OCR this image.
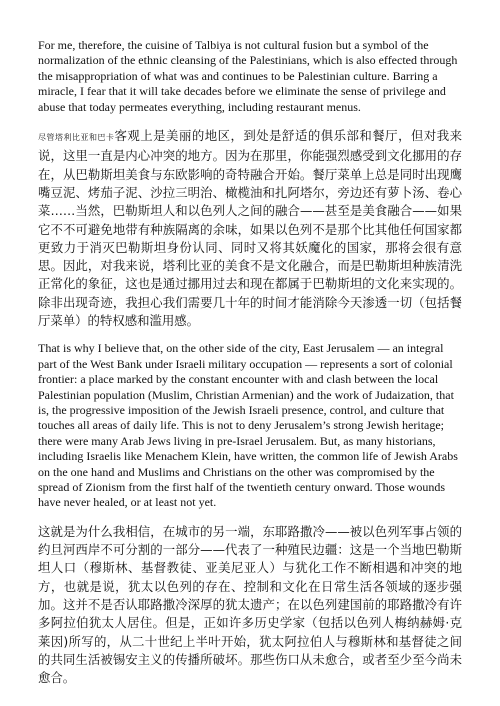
For me, therefore, the cuisine of Talbiya is not cultural fusion but a symbol of the normalization of the ethnic cleansing of the Palestinians, which is also effected through the misappropriation of what was and continues to be Palestinian culture. Barring a miracle, I fear that it will take decades before we eliminate the sense of privilege and abuse that today permeates everything, including restaurant menus.

尽管塔利比亚和巴卡客观上是美丽的地区，到处是舒适的俱乐部和餐厅，但对我来说，这里一直是内心冲突的地方。因为在那里，你能强烈感受到文化挪用的存在，从巴勒斯坦美食与东欧影响的奇特融合开始。餐厅菜单上总是同时出现鹰嘴豆泥、烤茄子泥、沙拉三明治、橄榄油和扎阿塔尔，旁边还有萝卜汤、卷心菜……当然，巴勒斯坦人和以色列人之间的融合——甚至是美食融合——如果它不不可避免地带有种族隔离的余味，如果以色列不是那个比其他任何国家都更致力于消灭巴勒斯坦身份认同、同时又将其妖魔化的国家，那将会很有意思。因此，对我来说，塔利比亚的美食不是文化融合，而是巴勒斯坦种族清洗正常化的象征，这也是通过挪用过去和现在都属于巴勒斯坦的文化来实现的。除非出现奇迹，我担心我们需要几十年的时间才能消除今天渗透一切（包括餐厅菜单）的特权感和滥用感。

That is why I believe that, on the other side of the city, East Jerusalem — an integral part of the West Bank under Israeli military occupation — represents a sort of colonial frontier: a place marked by the constant encounter with and clash between the local Palestinian population (Muslim, Christian Armenian) and the work of Judaization, that is, the progressive imposition of the Jewish Israeli presence, control, and culture that touches all areas of daily life. This is not to deny Jerusalem’s strong Jewish heritage; there were many Arab Jews living in pre-Israel Jerusalem. But, as many historians, including Israelis like Menachem Klein, have written, the common life of Jewish Arabs on the one hand and Muslims and Christians on the other was compromised by the spread of Zionism from the first half of the twentieth century onward. Those wounds have never healed, or at least not yet.

这就是为什么我相信，在城市的另一端，东耶路撒冷——被以色列军事占领的约旦河西岸不可分割的一部分——代表了一种殖民边疆：这是一个当地巴勒斯坦人口（穆斯林、基督教徒、亚美尼亚人）与犹化工作不断相遇和冲突的地方，也就是说，犹太以色列的存在、控制和文化在日常生活各领域的逐步强加。这并不是否认耶路撒冷深厚的犹太遗产；在以色列建国前的耶路撒冷有许多阿拉伯犹太人居住。但是，正如许多历史学家（包括以色列人梅纳赫姆·克莱因)所写的，从二十世纪上半叶开始，犹太阿拉伯人与穆斯林和基督徒之间的共同生活被锡安主义的传播所破坏。那些伤口从未愈合，或者至少至今尚未愈合。
